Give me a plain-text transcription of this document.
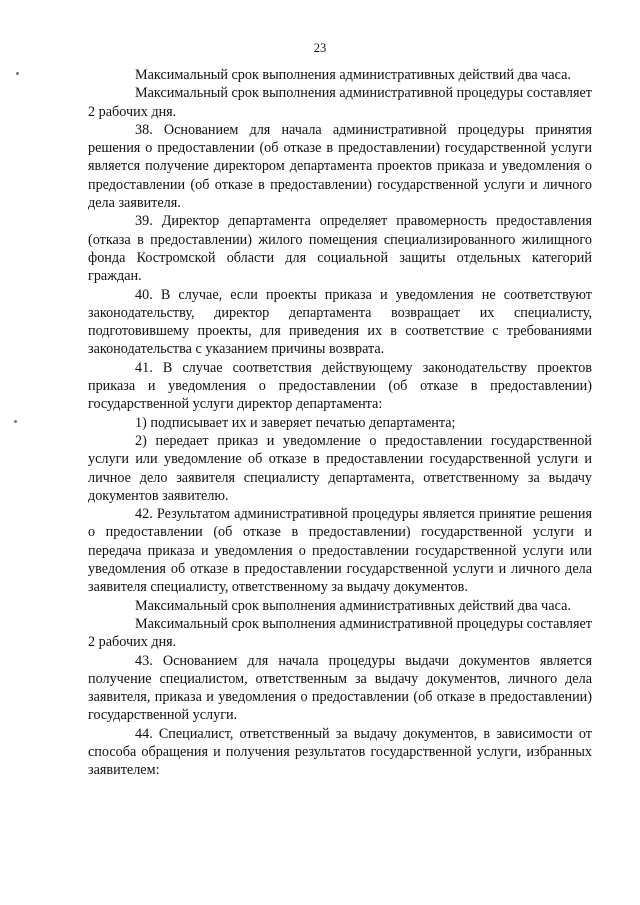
23

Максимальный срок выполнения административных действий два часа.

Максимальный срок выполнения административной процедуры составляет 2 рабочих дня.

38. Основанием для начала административной процедуры принятия решения о предоставлении (об отказе в предоставлении) государственной услуги является получение директором департамента проектов приказа и уведомления о предоставлении (об отказе в предоставлении) государственной услуги и личного дела заявителя.

39. Директор департамента определяет правомерность предоставления (отказа в предоставлении) жилого помещения специализированного жилищного фонда Костромской области для социальной защиты отдельных категорий граждан.

40. В случае, если проекты приказа и уведомления не соответствуют законодательству, директор департамента возвращает их специалисту, подготовившему проекты, для приведения их в соответствие с требованиями законодательства с указанием причины возврата.

41. В случае соответствия действующему законодательству проектов приказа и уведомления о предоставлении (об отказе в предоставлении) государственной услуги директор департамента:

1) подписывает их и заверяет печатью департамента;

2) передает приказ и уведомление о предоставлении государственной услуги или уведомление об отказе в предоставлении государственной услуги и личное дело заявителя специалисту департамента, ответственному за выдачу документов заявителю.

42. Результатом административной процедуры является принятие решения о предоставлении (об отказе в предоставлении) государственной услуги и передача приказа и уведомления о предоставлении государственной услуги или уведомления об отказе в предоставлении государственной услуги и личного дела заявителя специалисту, ответственному за выдачу документов.

Максимальный срок выполнения административных действий два часа.

Максимальный срок выполнения административной процедуры составляет 2 рабочих дня.

43. Основанием для начала процедуры выдачи документов является получение специалистом, ответственным за выдачу документов, личного дела заявителя, приказа и уведомления о предоставлении (об отказе в предоставлении) государственной услуги.

44. Специалист, ответственный за выдачу документов, в зависимости от способа обращения и получения результатов государственной услуги, избранных заявителем:
